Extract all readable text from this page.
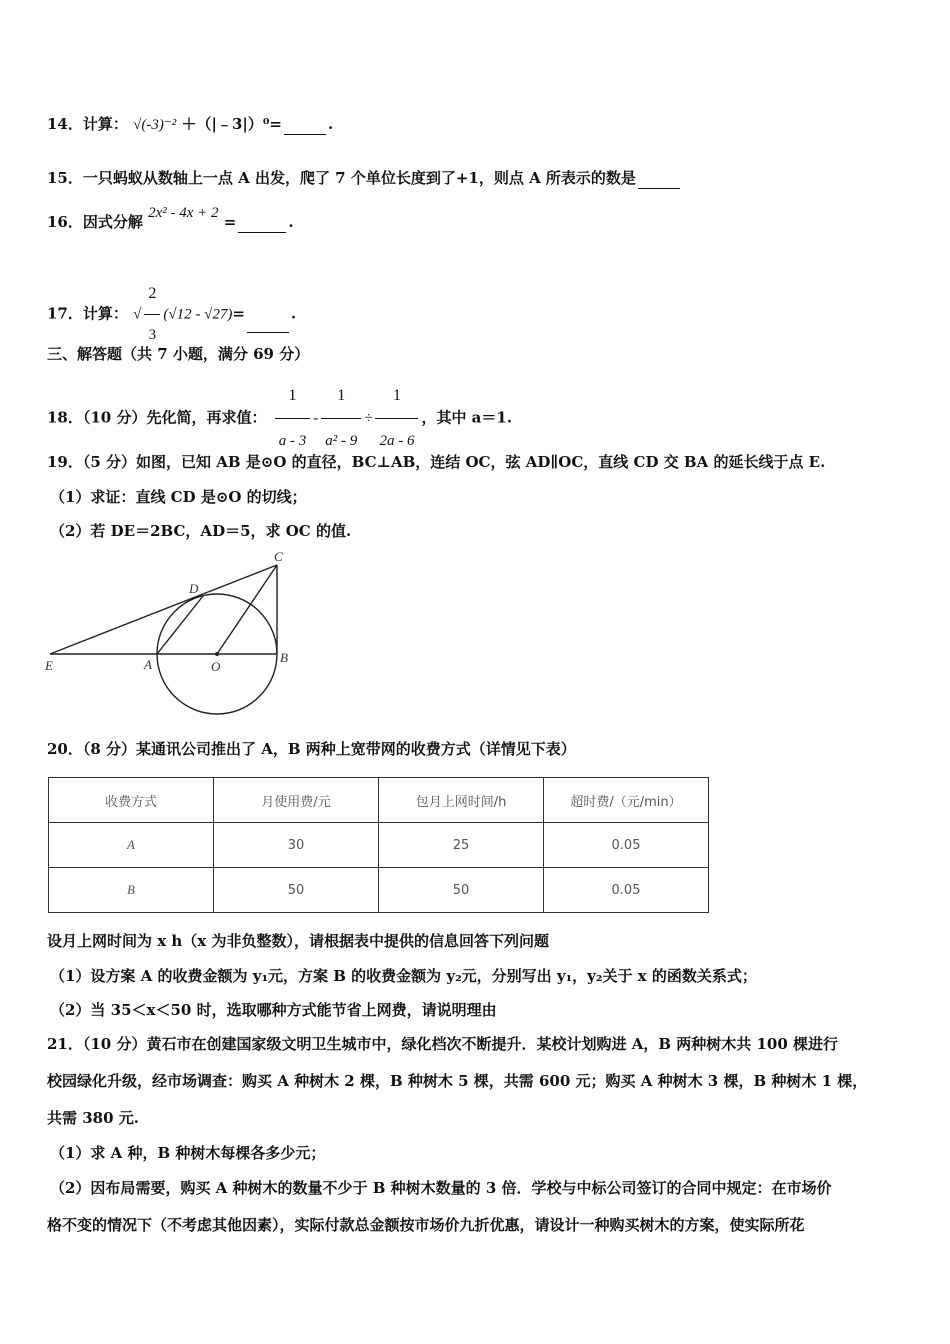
14．计算： √(-3)⁻² ＋（|﹣3|）⁰=	.
15．一只蚂蚁从数轴上一点 A 出发，爬了 7 个单位长度到了+1，则点 A 所表示的数是
16．因式分解 2x² - 4x + 2 =	.
17．计算： √ $\frac{2}{3} (√12 - √27)=$	.
三、解答题（共 7 小题，满分 69 分）
18．（10 分）先化简，再求值： $\frac{1}{a - 3} - \frac{1}{\text{a² - 9}} \div \frac{1}{2a - 6}$ ，其中 a＝1.
19．（5 分）如图，已知 AB 是⊙O 的直径，BC⊥AB，连结 OC，弦 AD∥OC，直线 CD 交 BA 的延长线于点 E.
（1）求证：直线 CD 是⊙O 的切线；
（2）若 DE＝2BC，AD＝5，求 OC 的值.
C
D
E	A	O
B
20．（8 分）某通讯公司推出了 A，B 两种上宽带网的收费方式（详情见下表）
收费方式	月使用费/元	包月上网时间/h	超时费/（元/min）
A	30	25	0.05
B	50	50	0.05
设月上网时间为 x h（x 为非负整数），请根据表中提供的信息回答下列问题
（1）设方案 A 的收费金额为 y₁元，方案 B 的收费金额为 y₂元，分别写出 y₁，y₂关于 x 的函数关系式；
（2）当 35＜x＜50 时，选取哪种方式能节省上网费，请说明理由
21．（10 分）黄石市在创建国家级文明卫生城市中，绿化档次不断提升．某校计划购进 A，B 两种树木共 100 棵进行
校园绿化升级，经市场调查：购买 A 种树木 2 棵，B 种树木 5 棵，共需 600 元；购买 A 种树木 3 棵，B 种树木 1 棵，
共需 380 元.
（1）求 A 种，B 种树木每棵各多少元；
（2）因布局需要，购买 A 种树木的数量不少于 B 种树木数量的 3 倍．学校与中标公司签订的合同中规定：在市场价
格不变的情况下（不考虑其他因素），实际付款总金额按市场价九折优惠，请设计一种购买树木的方案，使实际所花
